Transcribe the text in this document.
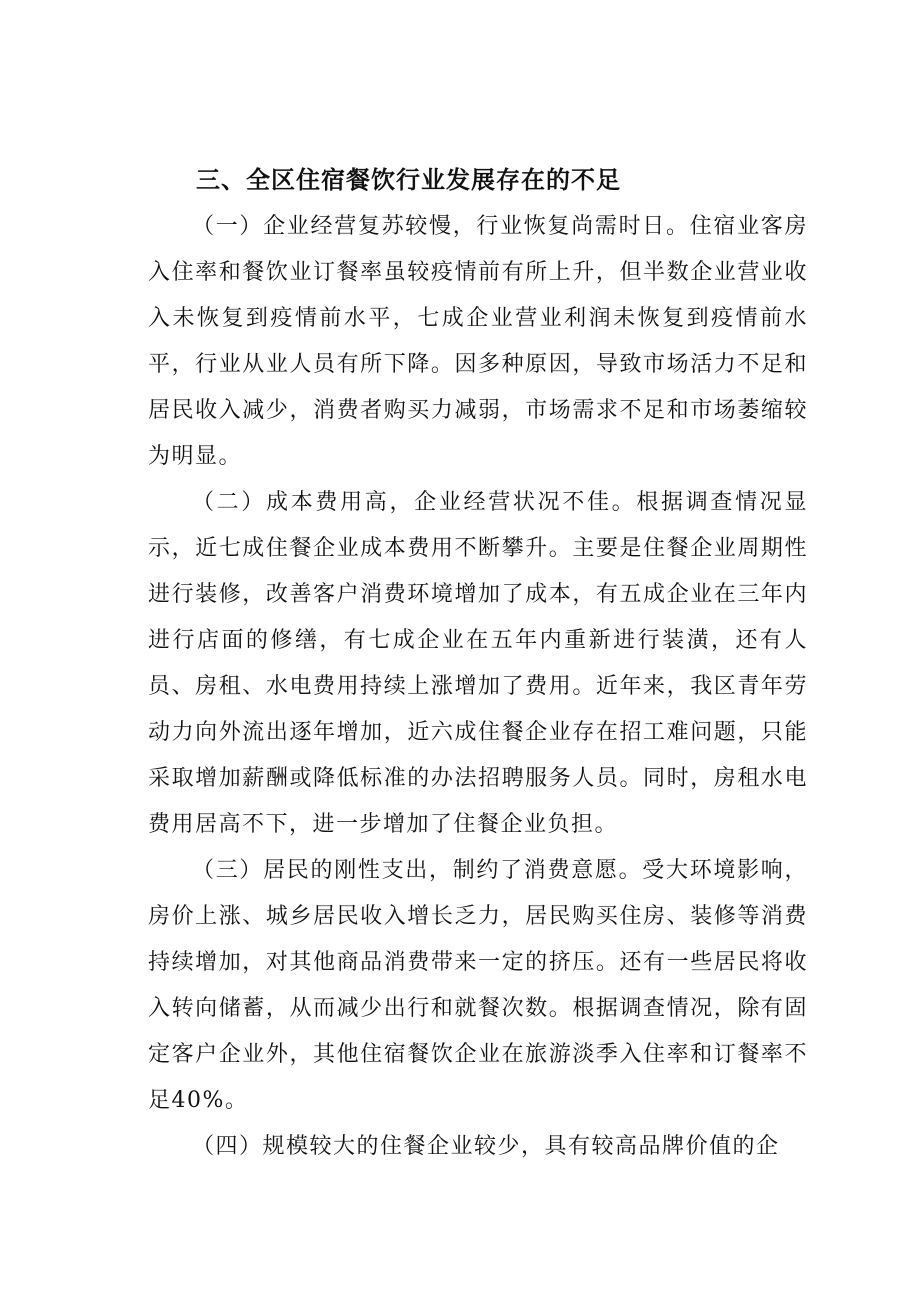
三、全区住宿餐饮行业发展存在的不足

（一）企业经营复苏较慢，行业恢复尚需时日。住宿业客房入住率和餐饮业订餐率虽较疫情前有所上升，但半数企业营业收入未恢复到疫情前水平，七成企业营业利润未恢复到疫情前水平，行业从业人员有所下降。因多种原因，导致市场活力不足和居民收入减少，消费者购买力减弱，市场需求不足和市场萎缩较为明显。

（二）成本费用高，企业经营状况不佳。根据调查情况显示，近七成住餐企业成本费用不断攀升。主要是住餐企业周期性进行装修，改善客户消费环境增加了成本，有五成企业在三年内进行店面的修缮，有七成企业在五年内重新进行装潢，还有人员、房租、水电费用持续上涨增加了费用。近年来，我区青年劳动力向外流出逐年增加，近六成住餐企业存在招工难问题，只能采取增加薪酬或降低标准的办法招聘服务人员。同时，房租水电费用居高不下，进一步增加了住餐企业负担。

（三）居民的刚性支出，制约了消费意愿。受大环境影响，房价上涨、城乡居民收入增长乏力，居民购买住房、装修等消费持续增加，对其他商品消费带来一定的挤压。还有一些居民将收入转向储蓄，从而减少出行和就餐次数。根据调查情况，除有固定客户企业外，其他住宿餐饮企业在旅游淡季入住率和订餐率不足40%。

（四）规模较大的住餐企业较少，具有较高品牌价值的企
